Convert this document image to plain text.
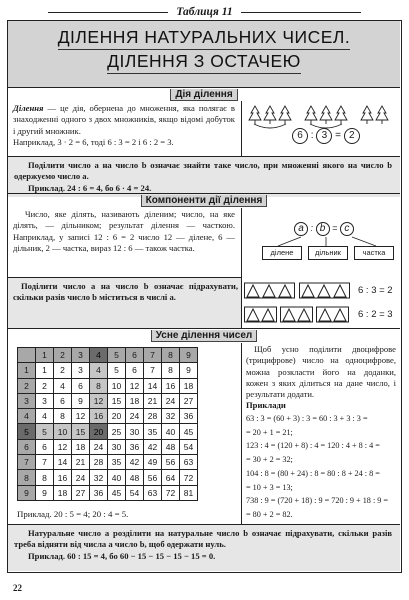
Таблиця 11
ДІЛЕННЯ НАТУРАЛЬНИХ ЧИСЕЛ.
ДІЛЕННЯ З ОСТАЧЕЮ
Дія ділення
Ділення — це дія, обернена до множення, яка полягає в знаходженні одного з двох множників, якщо відомі добуток і другий множник.
Наприклад, 3 · 2 = 6, тоді 6 : 3 = 2 і 6 : 2 = 3.
6 : 3 = 2
Поділити число a на число b означає знайти таке число, при множенні якого на число b одержуємо число a.
Приклад. 24 : 6 = 4, бо 6 · 4 = 24.
Компоненти дії ділення
Число, яке ділять, називають діленим; число, на яке ділять, — дільником; результат ділення — часткою. Наприклад, у записі 12 : 6 = 2 число 12 — ділене, 6 — дільник, 2 — частка, вираз 12 : 6 — також частка.
a : b = c
ділене	дільник	частка
Поділити число a на число b означає підрахувати, скільки разів число b міститься в числі a.
6 : 3 = 2
6 : 2 = 3
Усне ділення чисел
	1	2	3	4	5	6	7	8	9
1	1	2	3	4	5	6	7	8	9
2	2	4	6	8	10	12	14	16	18
3	3	6	9	12	15	18	21	24	27
4	4	8	12	16	20	24	28	32	36
5	5	10	15	20	25	30	35	40	45
6	6	12	18	24	30	36	42	48	54
7	7	14	21	28	35	42	49	56	63
8	8	16	24	32	40	48	56	64	72
9	9	18	27	36	45	54	63	72	81
Приклад. 20 : 5 = 4; 20 : 4 = 5.
Щоб усно поділити двоцифрове (трицифрове) число на одноцифрове, можна розкласти його на доданки, кожен з яких ділиться на дане число, і результати додати.
Приклади
63 : 3 = (60 + 3) : 3 = 60 : 3 + 3 : 3 =
= 20 + 1 = 21;
123 : 4 = (120 + 8) : 4 = 120 : 4 + 8 : 4 =
= 30 + 2 = 32;
104 : 8 = (80 + 24) : 8 = 80 : 8 + 24 : 8 =
= 10 + 3 = 13;
738 : 9 = (720 + 18) : 9 = 720 : 9 + 18 : 9 =
= 80 + 2 = 82.
Натуральне число a розділити на натуральне число b означає підрахувати, скільки разів треба відняти від числа a число b, щоб одержати нуль.
Приклад. 60 : 15 = 4, бо 60 − 15 − 15 − 15 − 15 = 0.
22
